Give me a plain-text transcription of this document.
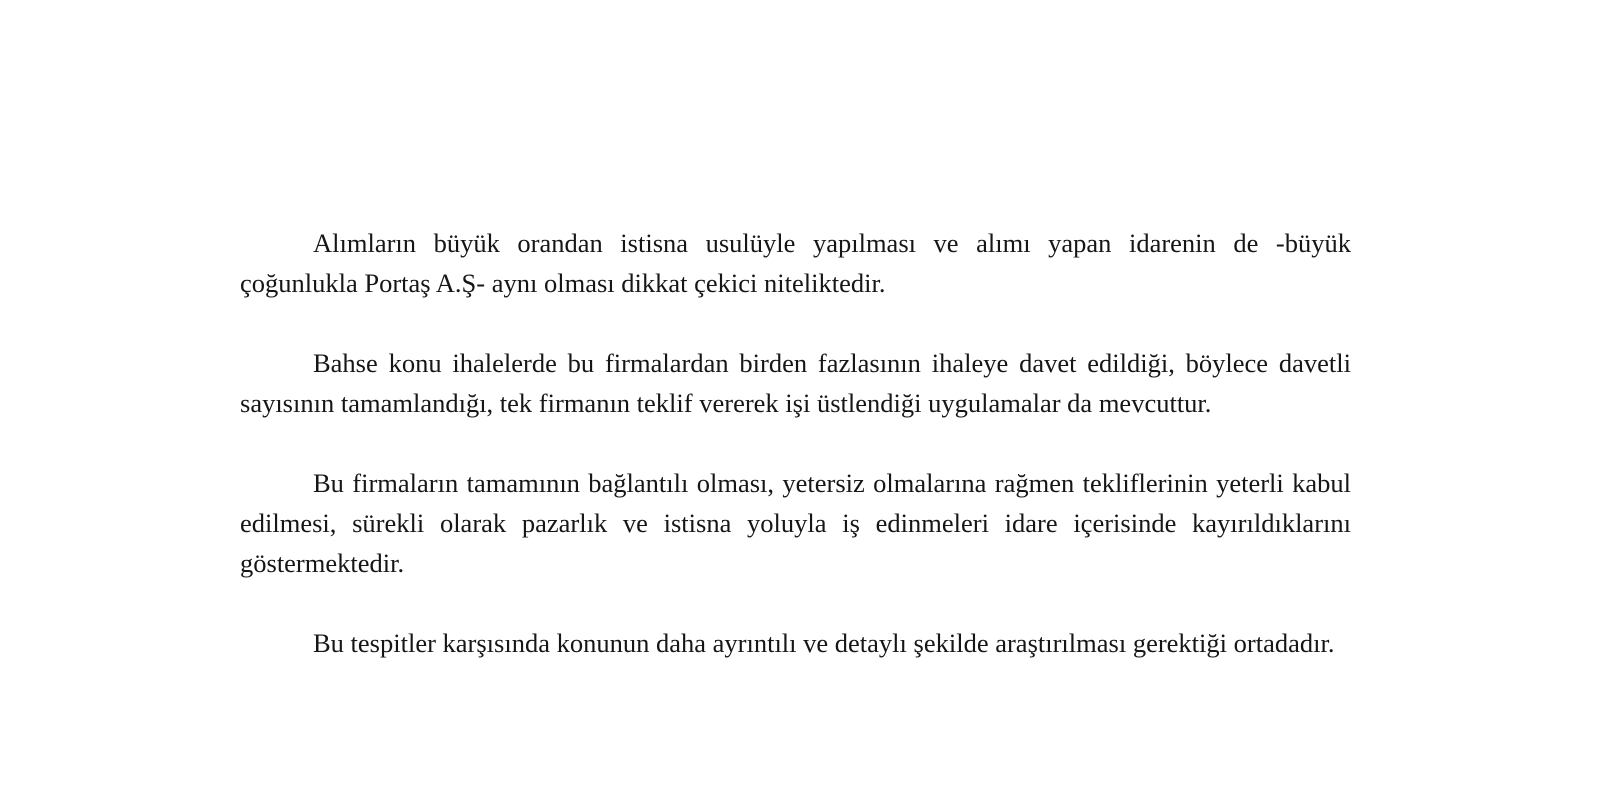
Alımların büyük orandan istisna usulüyle yapılması ve alımı yapan idarenin de -büyük çoğunlukla Portaş A.Ş- aynı olması dikkat çekici niteliktedir.

Bahse konu ihalelerde bu firmalardan birden fazlasının ihaleye davet edildiği, böylece davetli sayısının tamamlandığı, tek firmanın teklif vererek işi üstlendiği uygulamalar da mevcuttur.

Bu firmaların tamamının bağlantılı olması, yetersiz olmalarına rağmen tekliflerinin yeterli kabul edilmesi, sürekli olarak pazarlık ve istisna yoluyla iş edinmeleri idare içerisinde kayırıldıklarını göstermektedir.

Bu tespitler karşısında konunun daha ayrıntılı ve detaylı şekilde araştırılması gerektiği ortadadır.
